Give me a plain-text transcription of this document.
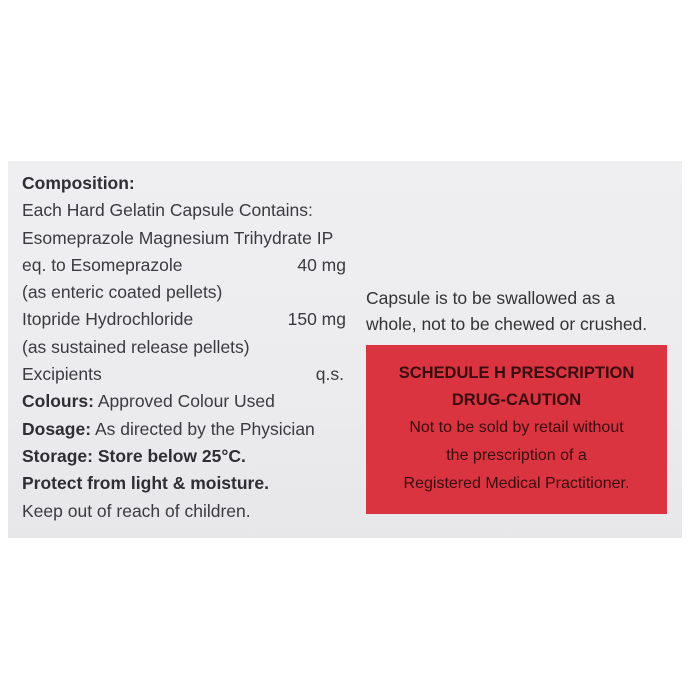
Composition:
Each Hard Gelatin Capsule Contains:
Esomeprazole Magnesium Trihydrate IP
eq. to Esomeprazole	40 mg
(as enteric coated pellets)
Itopride Hydrochloride	150 mg
(as sustained release pellets)
Excipients	q.s.
Colours: Approved Colour Used
Dosage: As directed by the Physician
Storage: Store below 25°C.
Protect from light & moisture.
Keep out of reach of children.
Capsule is to be swallowed as a
whole, not to be chewed or crushed.
SCHEDULE H PRESCRIPTION
DRUG-CAUTION
Not to be sold by retail without
the prescription of a
Registered Medical Practitioner.
